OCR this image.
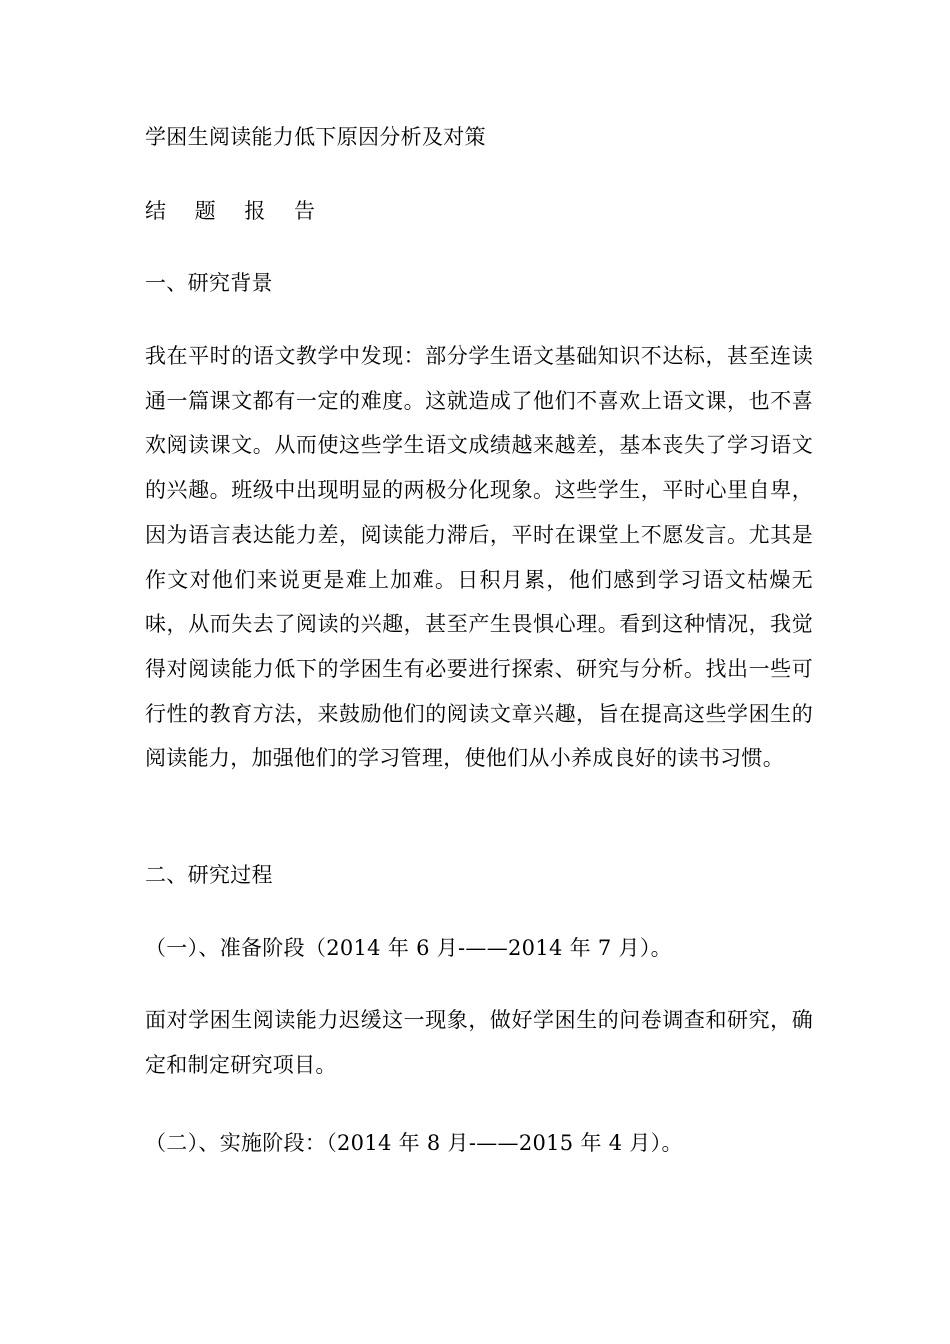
学困生阅读能力低下原因分析及对策
结 题 报 告
一、研究背景
我在平时的语文教学中发现：部分学生语文基础知识不达标，甚至连读通一篇课文都有一定的难度。这就造成了他们不喜欢上语文课，也不喜欢阅读课文。从而使这些学生语文成绩越来越差，基本丧失了学习语文的兴趣。班级中出现明显的两极分化现象。这些学生，平时心里自卑，因为语言表达能力差，阅读能力滞后，平时在课堂上不愿发言。尤其是作文对他们来说更是难上加难。日积月累，他们感到学习语文枯燥无味，从而失去了阅读的兴趣，甚至产生畏惧心理。看到这种情况，我觉得对阅读能力低下的学困生有必要进行探索、研究与分析。找出一些可行性的教育方法，来鼓励他们的阅读文章兴趣，旨在提高这些学困生的阅读能力，加强他们的学习管理，使他们从小养成良好的读书习惯。
二、研究过程
（一）、准备阶段（2014 年 6 月-——2014 年 7 月）。
面对学困生阅读能力迟缓这一现象，做好学困生的问卷调查和研究，确定和制定研究项目。
（二）、实施阶段：（2014 年 8 月-——2015 年 4 月）。
